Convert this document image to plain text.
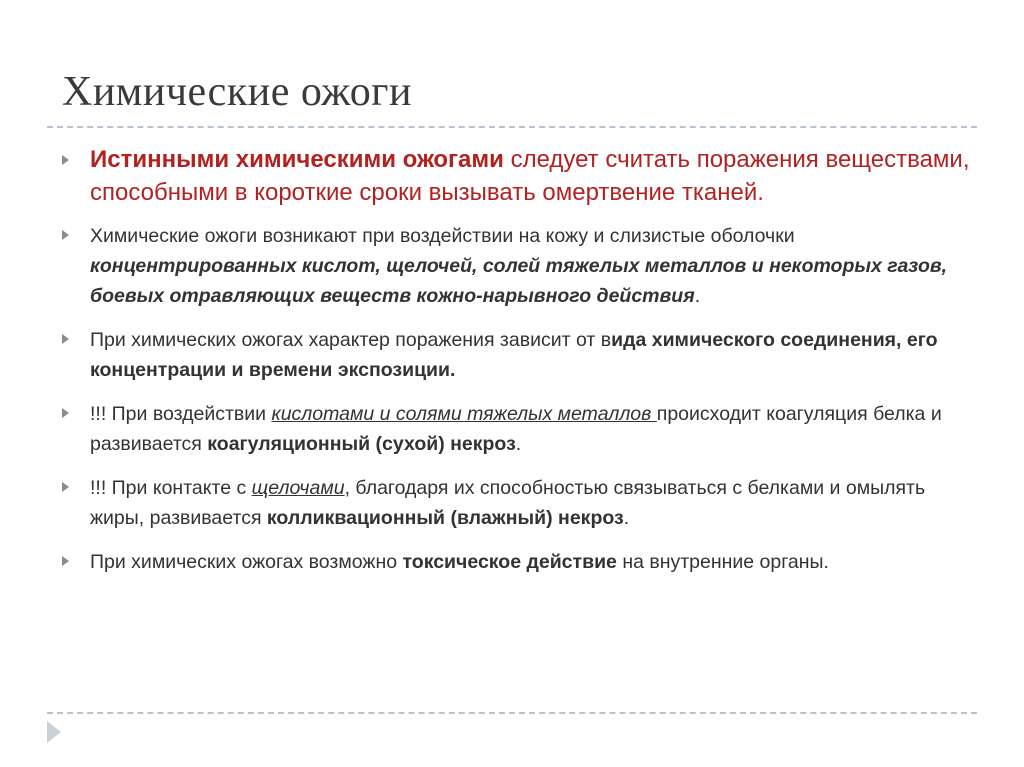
Химические ожоги
Истинными химическими ожогами следует считать поражения веществами, способными в короткие сроки вызывать омертвение тканей.
Химические ожоги возникают при воздействии на кожу и слизистые оболочки концентрированных кислот, щелочей, солей тяжелых металлов и некоторых газов, боевых отравляющих веществ кожно-нарывного действия.
При химических ожогах характер поражения зависит от вида химического соединения, его концентрации и времени экспозиции.
!!! При воздействии кислотами и солями тяжелых металлов происходит коагуляция белка и развивается коагуляционный (сухой) некроз.
!!! При контакте с щелочами, благодаря их способностью связываться с белками и омылять жиры, развивается колликвационный (влажный) некроз.
При химических ожогах возможно токсическое действие на внутренние органы.
